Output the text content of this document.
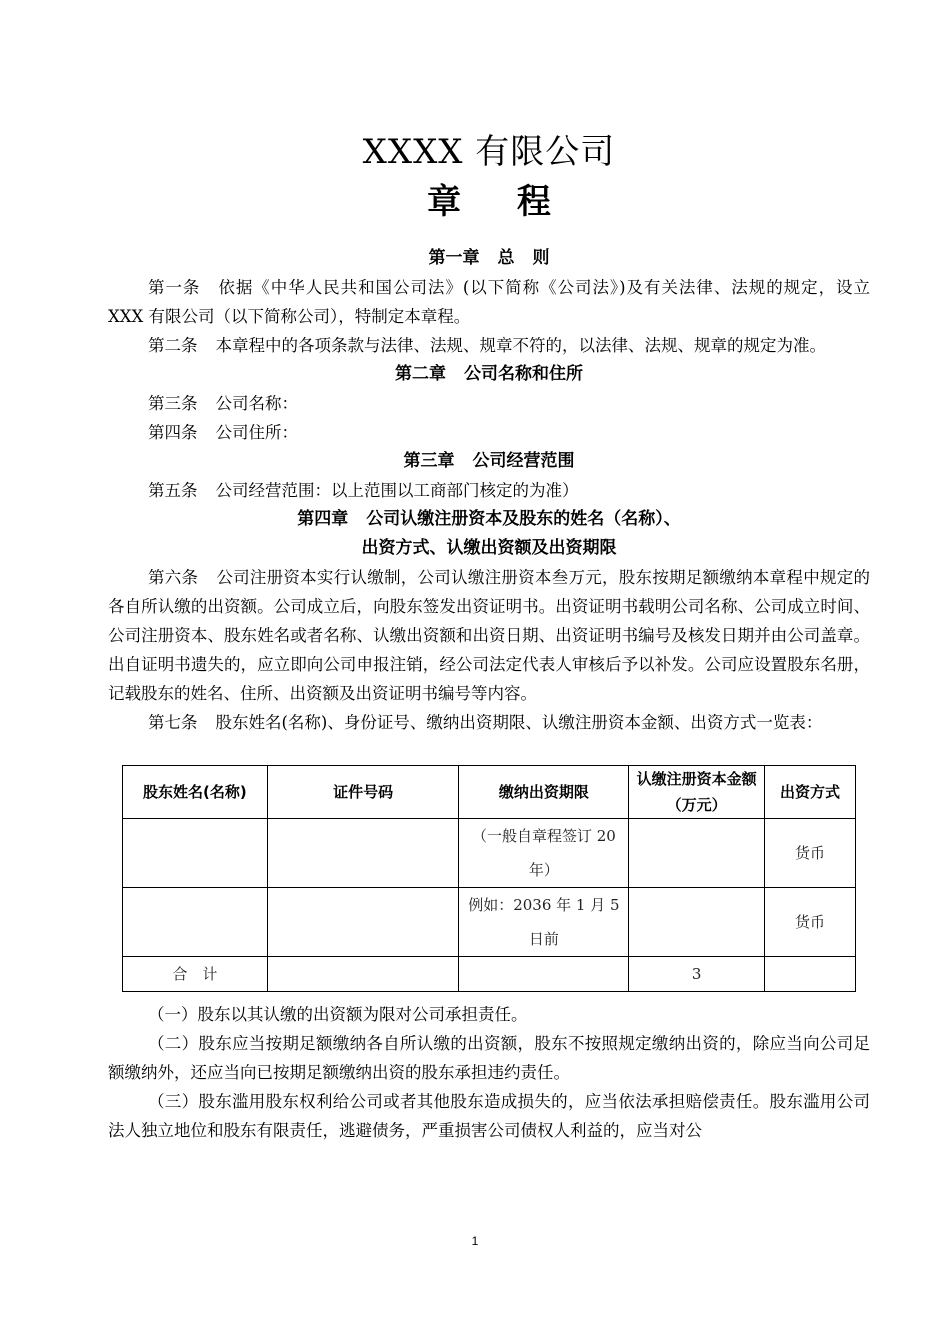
XXXX 有限公司
章 程
第一章 总 则

第一条 依据《中华人民共和国公司法》(以下简称《公司法》)及有关法律、法规的规定，设立 XXX 有限公司（以下简称公司），特制定本章程。

第二条 本章程中的各项条款与法律、法规、规章不符的，以法律、法规、规章的规定为准。

第二章 公司名称和住所

第三条 公司名称：

第四条 公司住所：

第三章 公司经营范围

第五条 公司经营范围：以上范围以工商部门核定的为准）

第四章 公司认缴注册资本及股东的姓名（名称）、
出资方式、认缴出资额及出资期限

第六条 公司注册资本实行认缴制，公司认缴注册资本叁万元，股东按期足额缴纳本章程中规定的各自所认缴的出资额。公司成立后，向股东签发出资证明书。出资证明书载明公司名称、公司成立时间、公司注册资本、股东姓名或者名称、认缴出资额和出资日期、出资证明书编号及核发日期并由公司盖章。出自证明书遗失的，应立即向公司申报注销，经公司法定代表人审核后予以补发。公司应设置股东名册，记载股东的姓名、住所、出资额及出资证明书编号等内容。

第七条 股东姓名(名称)、身份证号、缴纳出资期限、认缴注册资本金额、出资方式一览表：

股东姓名(名称)	证件号码	缴纳出资期限	认缴注册资本金额（万元）	出资方式
		（一般自章程签订 20 年）		货币
		例如：2036 年 1 月 5 日前		货币
合　计			3	

（一）股东以其认缴的出资额为限对公司承担责任。

（二）股东应当按期足额缴纳各自所认缴的出资额，股东不按照规定缴纳出资的，除应当向公司足额缴纳外，还应当向已按期足额缴纳出资的股东承担违约责任。

（三）股东滥用股东权利给公司或者其他股东造成损失的，应当依法承担赔偿责任。股东滥用公司法人独立地位和股东有限责任，逃避债务，严重损害公司债权人利益的，应当对公

1
